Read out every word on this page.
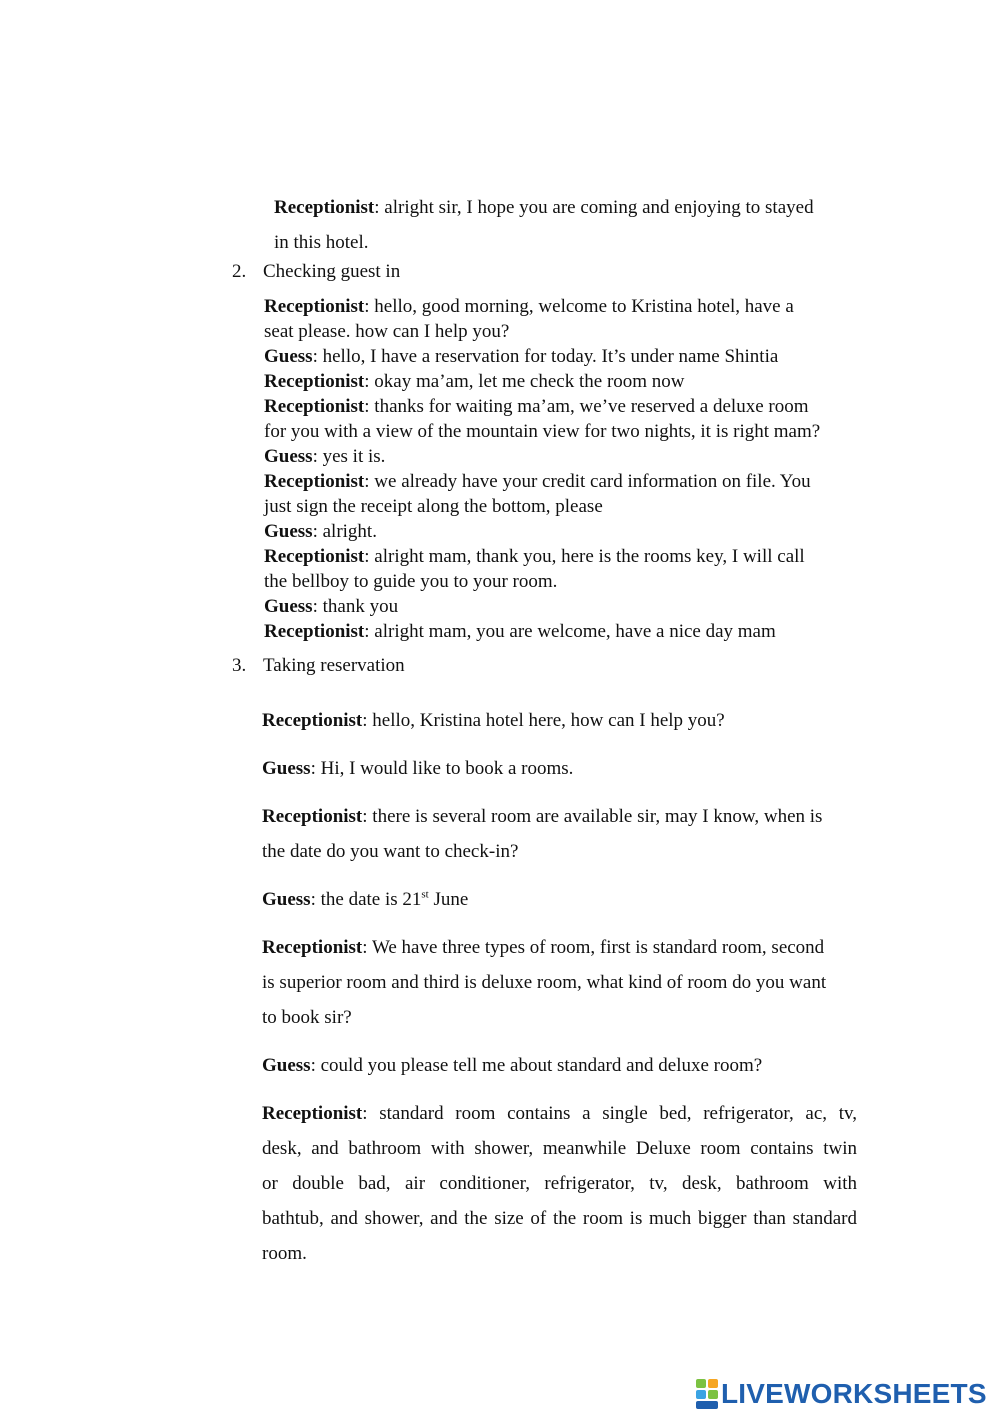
Receptionist: alright sir, I hope you are coming and enjoying to stayed
in this hotel.
2. Checking guest in
Receptionist: hello, good morning, welcome to Kristina hotel, have a
seat please. how can I help you?
Guess: hello, I have a reservation for today. It’s under name Shintia
Receptionist: okay ma’am, let me check the room now
Receptionist: thanks for waiting ma’am, we’ve reserved a deluxe room
for you with a view of the mountain view for two nights, it is right mam?
Guess: yes it is.
Receptionist: we already have your credit card information on file. You
just sign the receipt along the bottom, please
Guess: alright.
Receptionist: alright mam, thank you, here is the rooms key, I will call
the bellboy to guide you to your room.
Guess: thank you
Receptionist: alright mam, you are welcome, have a nice day mam
3. Taking reservation
Receptionist: hello, Kristina hotel here, how can I help you?
Guess: Hi, I would like to book a rooms.
Receptionist: there is several room are available sir, may I know, when is
the date do you want to check-in?
Guess: the date is 21st June
Receptionist: We have three types of room, first is standard room, second
is superior room and third is deluxe room, what kind of room do you want
to book sir?
Guess: could you please tell me about standard and deluxe room?
Receptionist: standard room contains a single bed, refrigerator, ac, tv,
desk, and bathroom with shower, meanwhile Deluxe room contains twin
or double bad, air conditioner, refrigerator, tv, desk, bathroom with
bathtub, and shower, and the size of the room is much bigger than standard
room.
LIVEWORKSHEETS
